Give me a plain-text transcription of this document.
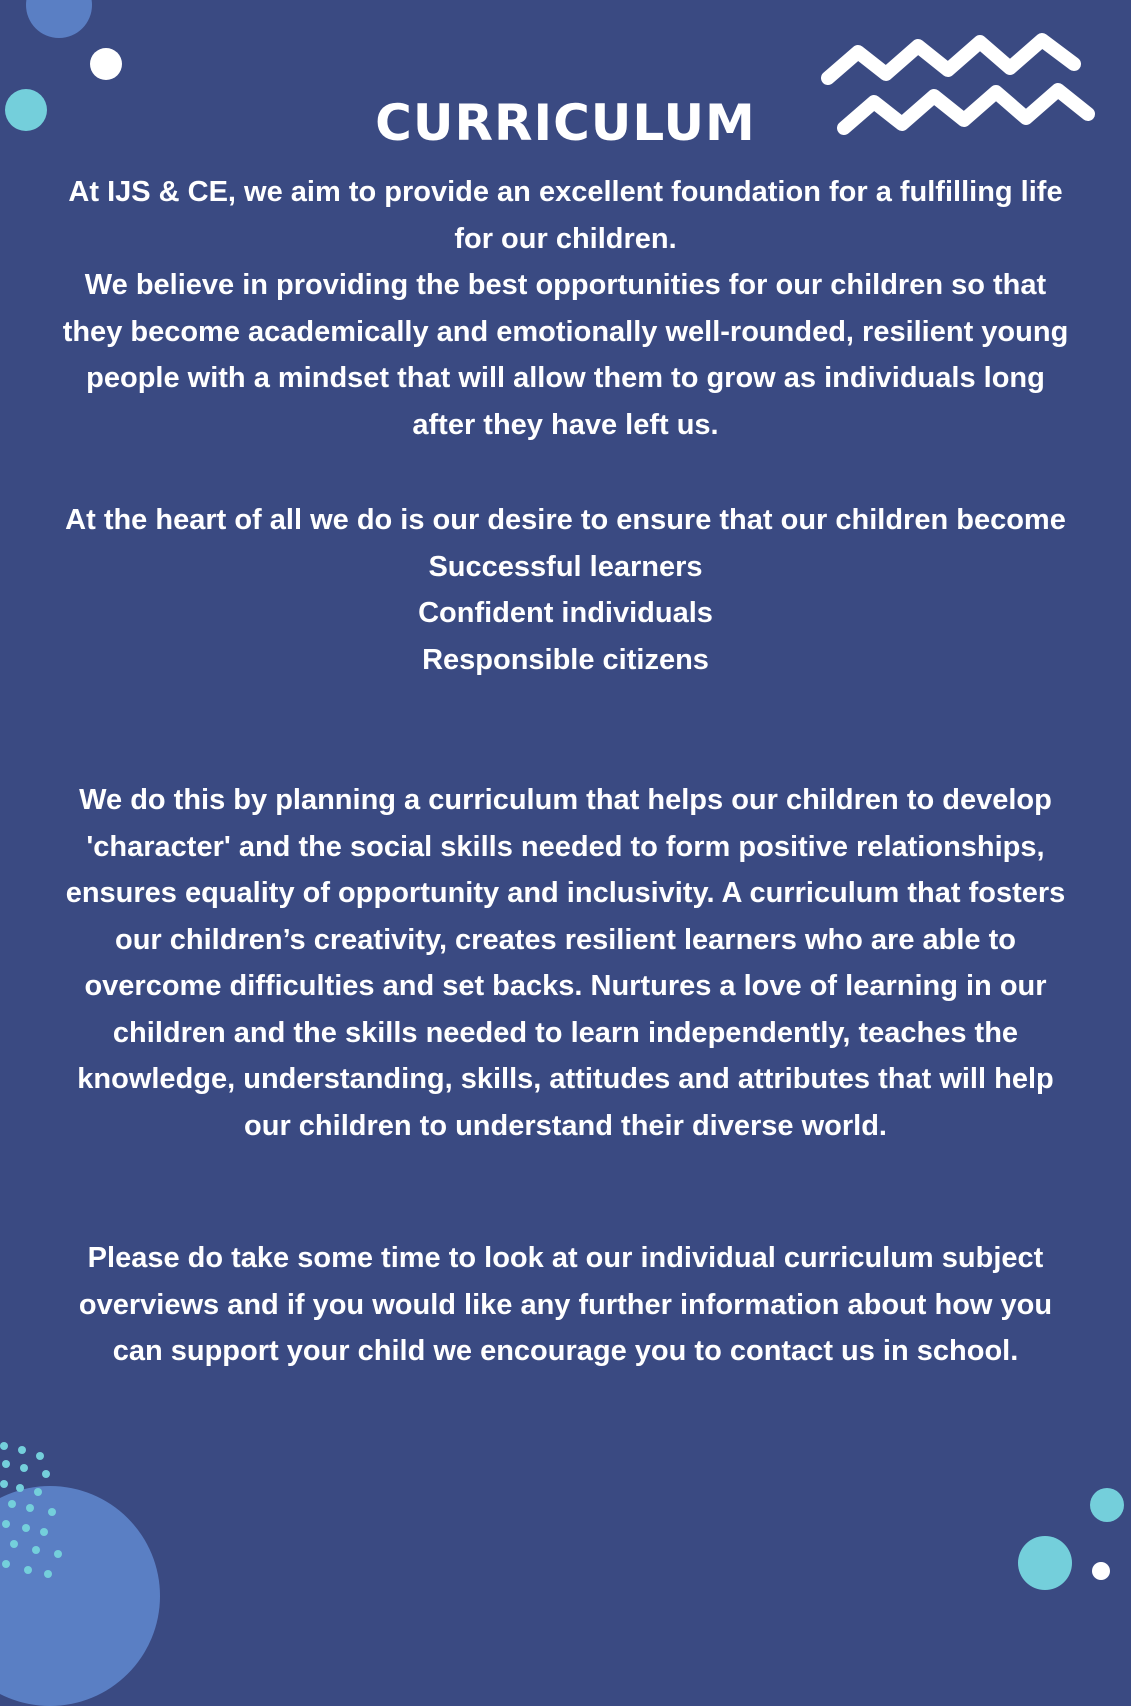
CURRICULUM
At IJS & CE, we aim to provide an excellent foundation for a fulfilling life for our children.
We believe in providing the best opportunities for our children so that they become academically and emotionally well-rounded, resilient young people with a mindset that will allow them to grow as individuals long after they have left us.
At the heart of all we do is our desire to ensure that our children become
Successful learners
Confident individuals
Responsible citizens
We do this by planning a curriculum that helps our children to develop 'character' and the social skills needed to form positive relationships, ensures equality of opportunity and inclusivity. A curriculum that fosters our children’s creativity, creates resilient learners who are able to overcome difficulties and set backs. Nurtures a love of learning in our children and the skills needed to learn independently, teaches the knowledge, understanding, skills, attitudes and attributes that will help our children to understand their diverse world.
Please do take some time to look at our individual curriculum subject overviews and if you would like any further information about how you can support your child we encourage you to contact us in school.
